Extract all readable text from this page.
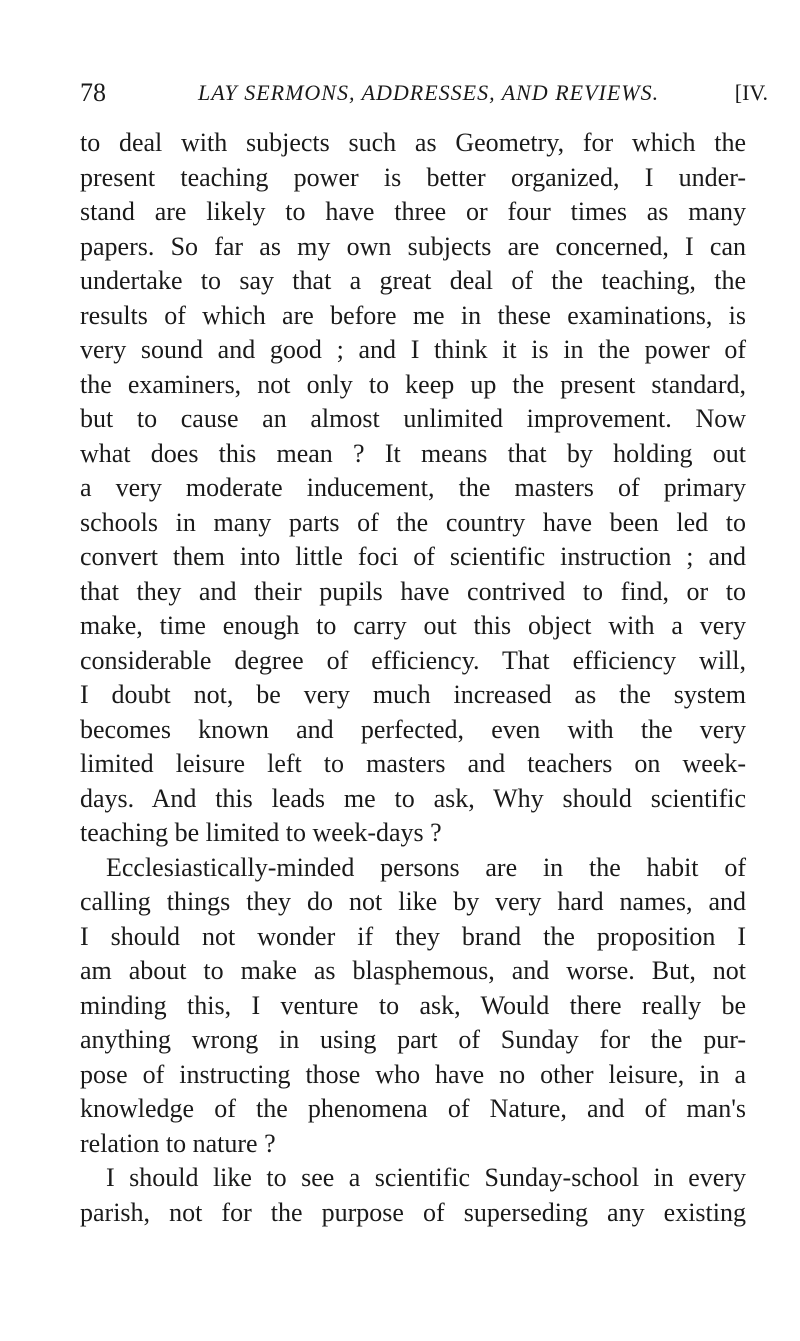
78	LAY SERMONS, ADDRESSES, AND REVIEWS.	[IV.
to deal with subjects such as Geometry, for which the
present teaching power is better organized, I under-
stand are likely to have three or four times as many
papers. So far as my own subjects are concerned, I can
undertake to say that a great deal of the teaching, the
results of which are before me in these examinations, is
very sound and good ; and I think it is in the power of
the examiners, not only to keep up the present standard,
but to cause an almost unlimited improvement. Now
what does this mean ? It means that by holding out
a very moderate inducement, the masters of primary
schools in many parts of the country have been led to
convert them into little foci of scientific instruction ; and
that they and their pupils have contrived to find, or to
make, time enough to carry out this object with a very
considerable degree of efficiency. That efficiency will,
I doubt not, be very much increased as the system
becomes known and perfected, even with the very
limited leisure left to masters and teachers on week-
days. And this leads me to ask, Why should scientific
teaching be limited to week-days ?
Ecclesiastically-minded persons are in the habit of
calling things they do not like by very hard names, and
I should not wonder if they brand the proposition I
am about to make as blasphemous, and worse. But, not
minding this, I venture to ask, Would there really be
anything wrong in using part of Sunday for the pur-
pose of instructing those who have no other leisure, in a
knowledge of the phenomena of Nature, and of man's
relation to nature ?
I should like to see a scientific Sunday-school in every
parish, not for the purpose of superseding any existing
